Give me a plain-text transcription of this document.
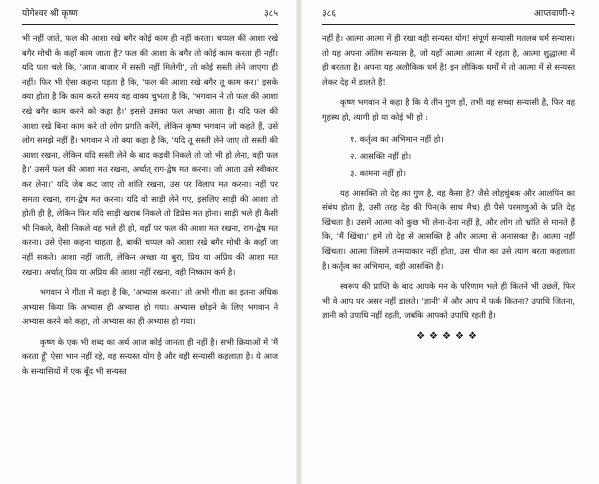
योगेश्वर श्री कृष्ण	३८५

भी नहीं जाते, फल की आशा रखे बगैर कोई काम ही नहीं करता। चप्पल की आशा रखे बगैर मोची के कहाँ काम जाता है? फल की आशा के बगैर तो कोई काम करता ही नहीं। यदि पता चले कि, 'आज बाजार में सस्ती नहीं मिलेगी', तो कोई सस्ती लेने जाएगा ही नहीं। फिर भी ऐसा कहना पड़ता है कि, 'फल की आशा रखे बगैर तू काम कर।' इसके क्या होता है कि काम करते समय वह वाक्य चुभता है कि, 'भगवान ने तो फल की आशा रखे बगैर काम करने को कहा है।' इससे उसका फल अच्छा आता है। यदि फल की आशा रखे बिना काम करे तो लोग प्रगति करेंगे, लेकिन कृष्ण भगवान जो कहते हैं, उसे लोग समझे नहीं हैं। भगवान ने तो क्या कहा है कि, 'यदि तू सस्ती लेने जाए तो सस्ती की आशा रखना, लेकिन यदि सस्ती लेने के बाद कड़वी निकले तो जो भी हो लेना, वही फल है।' उसमें फल की आशा मत रखना, अर्थात् राग-द्वेष मत करना। जो आता उसे स्वीकार कर लेना।' यदि जेब कट जाए तो शांति रखना, उस पर विलाप मत करना। नहीं पर समता रखना, राग-द्वेष मत करना। यदि वो साड़ी लेने गए, इसलिए साड़ी की आशा तो होती ही है, लेकिन फिर यदि साड़ी खराब निकले तो डिप्रेस मत होना। साड़ी भले ही कैसी भी निकले, वैसी निकले वह भले ही हो, वहाँ पर फल की आशा मत रखना, राग-द्वेष मत करना। उसे ऐसा कहना चाहता है, बाकी चप्पल को आशा रखे बगैर मोची के कहाँ जा नहीं सकते। आशा नहीं जाती, लेकिन अच्छा या बुरा, प्रिय या अप्रिय की आशा मत रखना। अर्थात् प्रिय या अप्रिय की आशा नहीं रखना, वही निष्काम कर्म है।

भगवान ने गीता में कहा है कि, 'अभ्यास करना।' तो अभी गीता का इतना अधिक अभ्यास किया कि अभ्यास ही अभ्यास हो गया। अभ्यास छोड़ने के लिए भगवान ने अभ्यास करने को कहा, तो अभ्यास का ही अभ्यास हो गया।

कृष्ण के एक भी शब्द का अर्थ आज कोई जानता ही नहीं है। सभी क्रियाओं में 'मैं करता हूँ' ऐसा भान नहीं रहे, वह सन्यस्त योग है और वही सन्यासी कहलाता है। ये आज के सन्यासियों में एक बूँद भी सन्यस्त

३८६	आप्तवाणी-२

नहीं है। आत्मा आत्मा में ही रखा वही सन्यस्त योग! संपूर्ण सन्यासी मतलब धर्म सन्यास। तो यह अपना अंतिम सन्यास है, जो यहाँ आत्मा आत्मा में रहता है, आत्मा शुद्धात्मा में ही बरतता है। अपना यह अलौकिक धर्म है! इन लौकिक धर्मों में तो आत्मा में से सन्यस्त लेकर देह में डालते हैं!

कृष्ण भगवान ने कहा है कि ये तीन गुण हों, तभी वह सच्चा सन्यासी है, फिर वह गृहस्थ हो, त्यागी हो या कोई भी हो :

१. कर्तृत्व का अभिमान नहीं हो।
२. आसक्ति नहीं हो।
३. कामना नहीं हो।

यह आसक्ति तो देह का गुण है, वह कैसा है? जैसे लोहचुंबक और आलपिन का संबंध होता है, उसी तरह देह की पिन(के साथ मैच) ही पैसे परमाणुओं के प्रति देह खिंचता है। उसमें आत्मा को कुछ भी लेना-देना नहीं है, और लोग तो भ्रांति से मानते हैं कि, 'मैं खिंचा।' हमें तो देह से आसक्ति है और आत्मा से अनासक्त हैं। आत्मा नहीं खिंचता। आत्मा जिसमें तन्मयाकार नहीं होता, उस चीज का उसे त्याग बरता कहलाता है। कर्तृत्व का अभिमान, वही आसक्ति है।

स्वरूप की प्राप्ति के बाद आपके मन के परिणाम भले ही कितने भी उछलें, फिर भी वे आप पर असर नहीं डालते। 'ज्ञानी' में और आप में फर्क कितना? उपाधि जितना, ज्ञानी को उपाधि नहीं रहती, जबकि आपको उपाधि रहती है।

❖❖❖❖❖
